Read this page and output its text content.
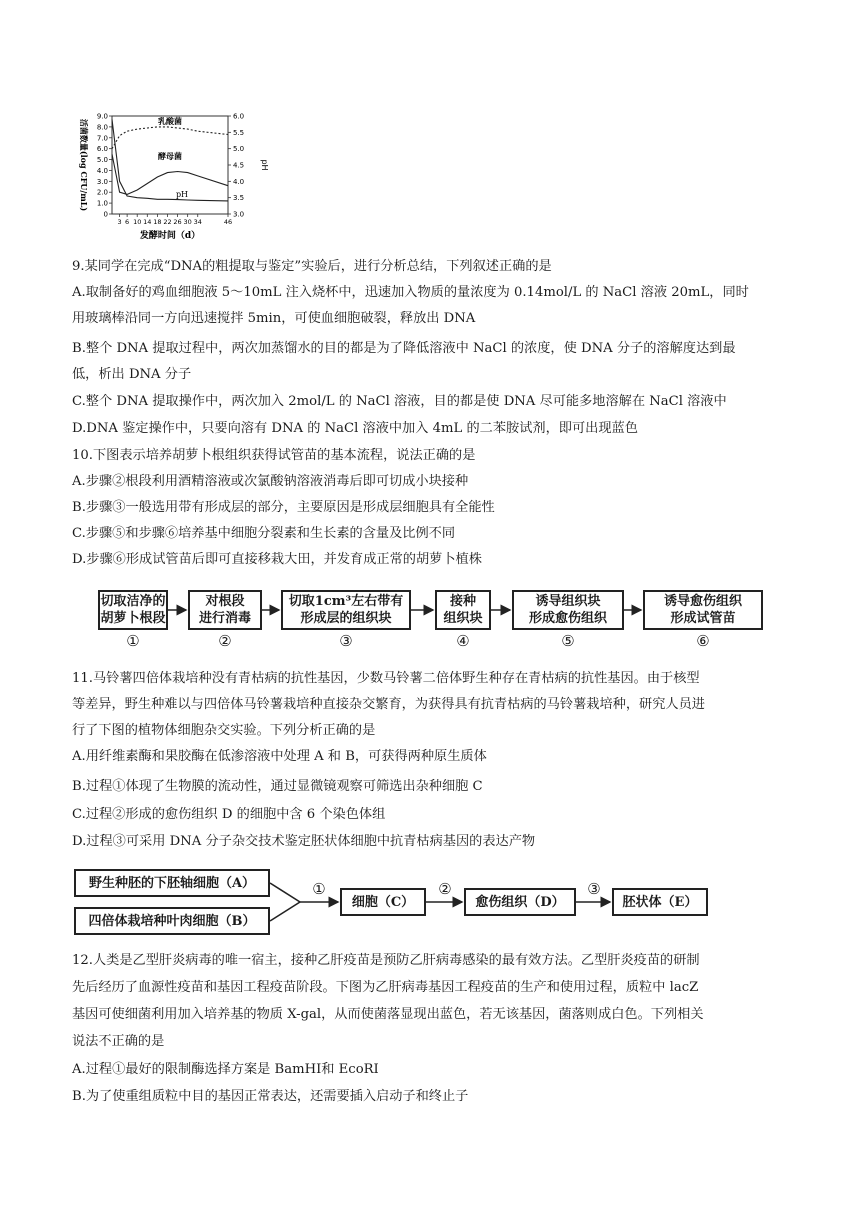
0
1.0
2.0
3.0
4.0
5.0
6.0
7.0
8.0
9.0
3.0
3.5
4.0
4.5
5.0
5.5
6.0
3 6 10 14 18 22 26 30 34	46
发酵时间（d）
活菌数量(log CFU/mL)	pH
乳酸菌
酵母菌
pH
9.某同学在完成“DNA的粗提取与鉴定”实验后，进行分析总结，下列叙述正确的是
A.取制备好的鸡血细胞液 5～10mL 注入烧杯中，迅速加入物质的量浓度为 0.14mol/L 的 NaCl 溶液 20mL，同时
用玻璃棒沿同一方向迅速搅拌 5min，可使血细胞破裂，释放出 DNA
B.整个 DNA 提取过程中，两次加蒸馏水的目的都是为了降低溶液中 NaCl 的浓度，使 DNA 分子的溶解度达到最
低，析出 DNA 分子
C.整个 DNA 提取操作中，两次加入 2mol/L 的 NaCl 溶液，目的都是使 DNA 尽可能多地溶解在 NaCl 溶液中
D.DNA 鉴定操作中，只要向溶有 DNA 的 NaCl 溶液中加入 4mL 的二苯胺试剂，即可出现蓝色
10.下图表示培养胡萝卜根组织获得试管苗的基本流程，说法正确的是
A.步骤②根段利用酒精溶液或次氯酸钠溶液消毒后即可切成小块接种
B.步骤③一般选用带有形成层的部分，主要原因是形成层细胞具有全能性
C.步骤⑤和步骤⑥培养基中细胞分裂素和生长素的含量及比例不同
D.步骤⑥形成试管苗后即可直接移栽大田，并发育成正常的胡萝卜植株
切取洁净的
胡萝卜根段
对根段
进行消毒
切取1cm³左右带有
形成层的组织块
接种
组织块
诱导组织块
形成愈伤组织
诱导愈伤组织
形成试管苗
①	②	③	④	⑤	⑥
11.马铃薯四倍体栽培种没有青枯病的抗性基因，少数马铃薯二倍体野生种存在青枯病的抗性基因。由于核型
等差异，野生种难以与四倍体马铃薯栽培种直接杂交繁育，为获得具有抗青枯病的马铃薯栽培种，研究人员进
行了下图的植物体细胞杂交实验。下列分析正确的是
A.用纤维素酶和果胶酶在低渗溶液中处理 A 和 B，可获得两种原生质体
B.过程①体现了生物膜的流动性，通过显微镜观察可筛选出杂种细胞 C
C.过程②形成的愈伤组织 D 的细胞中含 6 个染色体组
D.过程③可采用 DNA 分子杂交技术鉴定胚状体细胞中抗青枯病基因的表达产物
野生种胚的下胚轴细胞（A）
四倍体栽培种叶肉细胞（B）
细胞（C）	愈伤组织（D）	胚状体（E）
①	②	③
12.人类是乙型肝炎病毒的唯一宿主，接种乙肝疫苗是预防乙肝病毒感染的最有效方法。乙型肝炎疫苗的研制
先后经历了血源性疫苗和基因工程疫苗阶段。下图为乙肝病毒基因工程疫苗的生产和使用过程，质粒中 lacZ
基因可使细菌利用加入培养基的物质 X-gal，从而使菌落显现出蓝色，若无该基因，菌落则成白色。下列相关
说法不正确的是
A.过程①最好的限制酶选择方案是 BamHⅠ和 EcoRⅠ
B.为了使重组质粒中目的基因正常表达，还需要插入启动子和终止子
